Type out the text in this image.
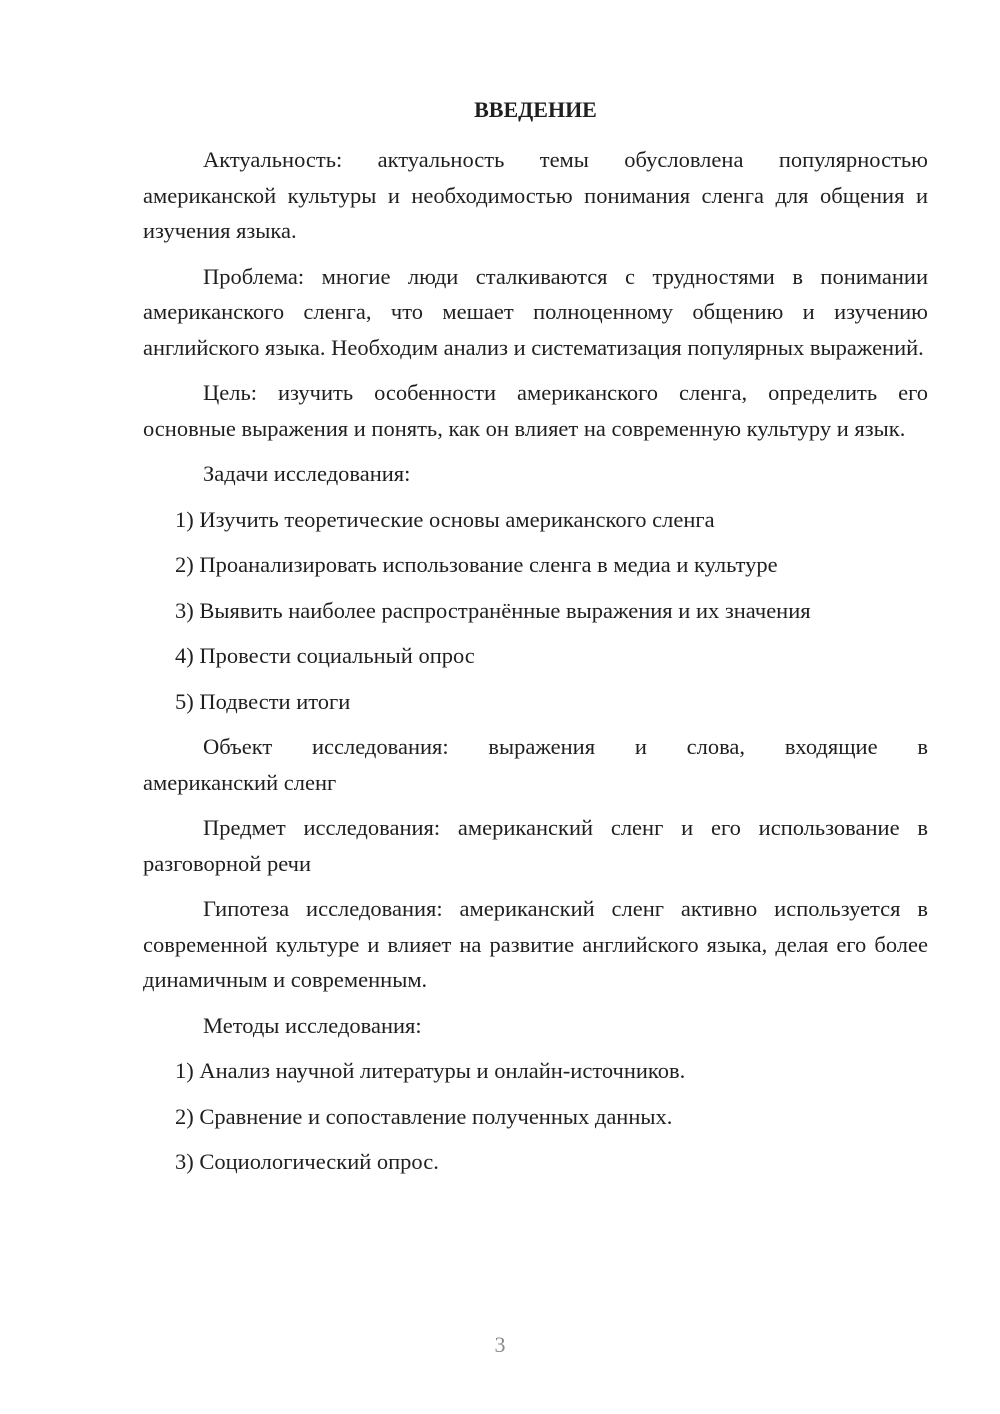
ВВЕДЕНИЕ

Актуальность: актуальность темы обусловлена популярностью американской культуры и необходимостью понимания сленга для общения и изучения языка.

Проблема: многие люди сталкиваются с трудностями в понимании американского сленга, что мешает полноценному общению и изучению английского языка. Необходим анализ и систематизация популярных выражений.

Цель: изучить особенности американского сленга, определить его основные выражения и понять, как он влияет на современную культуру и язык.

Задачи исследования:

1) Изучить теоретические основы американского сленга

2) Проанализировать использование сленга в медиа и культуре

3) Выявить наиболее распространённые выражения и их значения

4) Провести социальный опрос

5) Подвести итоги

Объект исследования: выражения и слова, входящие в
американский сленг

Предмет исследования: американский сленг и его использование в разговорной речи

Гипотеза исследования: американский сленг активно используется в современной культуре и влияет на развитие английского языка, делая его более динамичным и современным.

Методы исследования:

1) Анализ научной литературы и онлайн-источников.

2) Сравнение и сопоставление полученных данных.

3) Социологический опрос.

3
